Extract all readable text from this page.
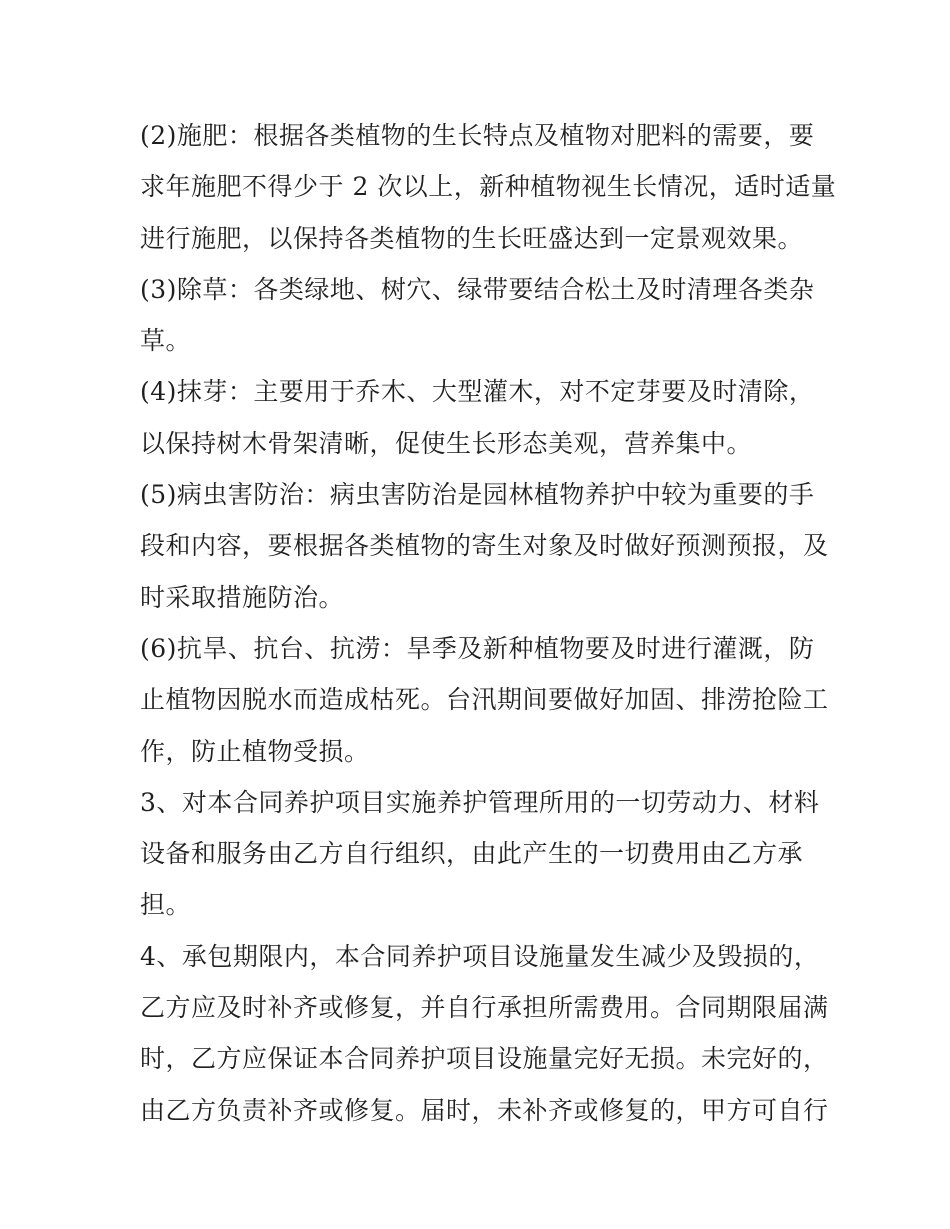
(2)施肥：根据各类植物的生长特点及植物对肥料的需要，要
求年施肥不得少于 2 次以上，新种植物视生长情况，适时适量
进行施肥，以保持各类植物的生长旺盛达到一定景观效果。
(3)除草：各类绿地、树穴、绿带要结合松土及时清理各类杂
草。
(4)抹芽：主要用于乔木、大型灌木，对不定芽要及时清除，
以保持树木骨架清晰，促使生长形态美观，营养集中。
(5)病虫害防治：病虫害防治是园林植物养护中较为重要的手
段和内容，要根据各类植物的寄生对象及时做好预测预报，及
时采取措施防治。
(6)抗旱、抗台、抗涝：旱季及新种植物要及时进行灌溉，防
止植物因脱水而造成枯死。台汛期间要做好加固、排涝抢险工
作，防止植物受损。
3、对本合同养护项目实施养护管理所用的一切劳动力、材料
设备和服务由乙方自行组织，由此产生的一切费用由乙方承
担。
4、承包期限内，本合同养护项目设施量发生减少及毁损的，
乙方应及时补齐或修复，并自行承担所需费用。合同期限届满
时，乙方应保证本合同养护项目设施量完好无损。未完好的，
由乙方负责补齐或修复。届时，未补齐或修复的，甲方可自行
